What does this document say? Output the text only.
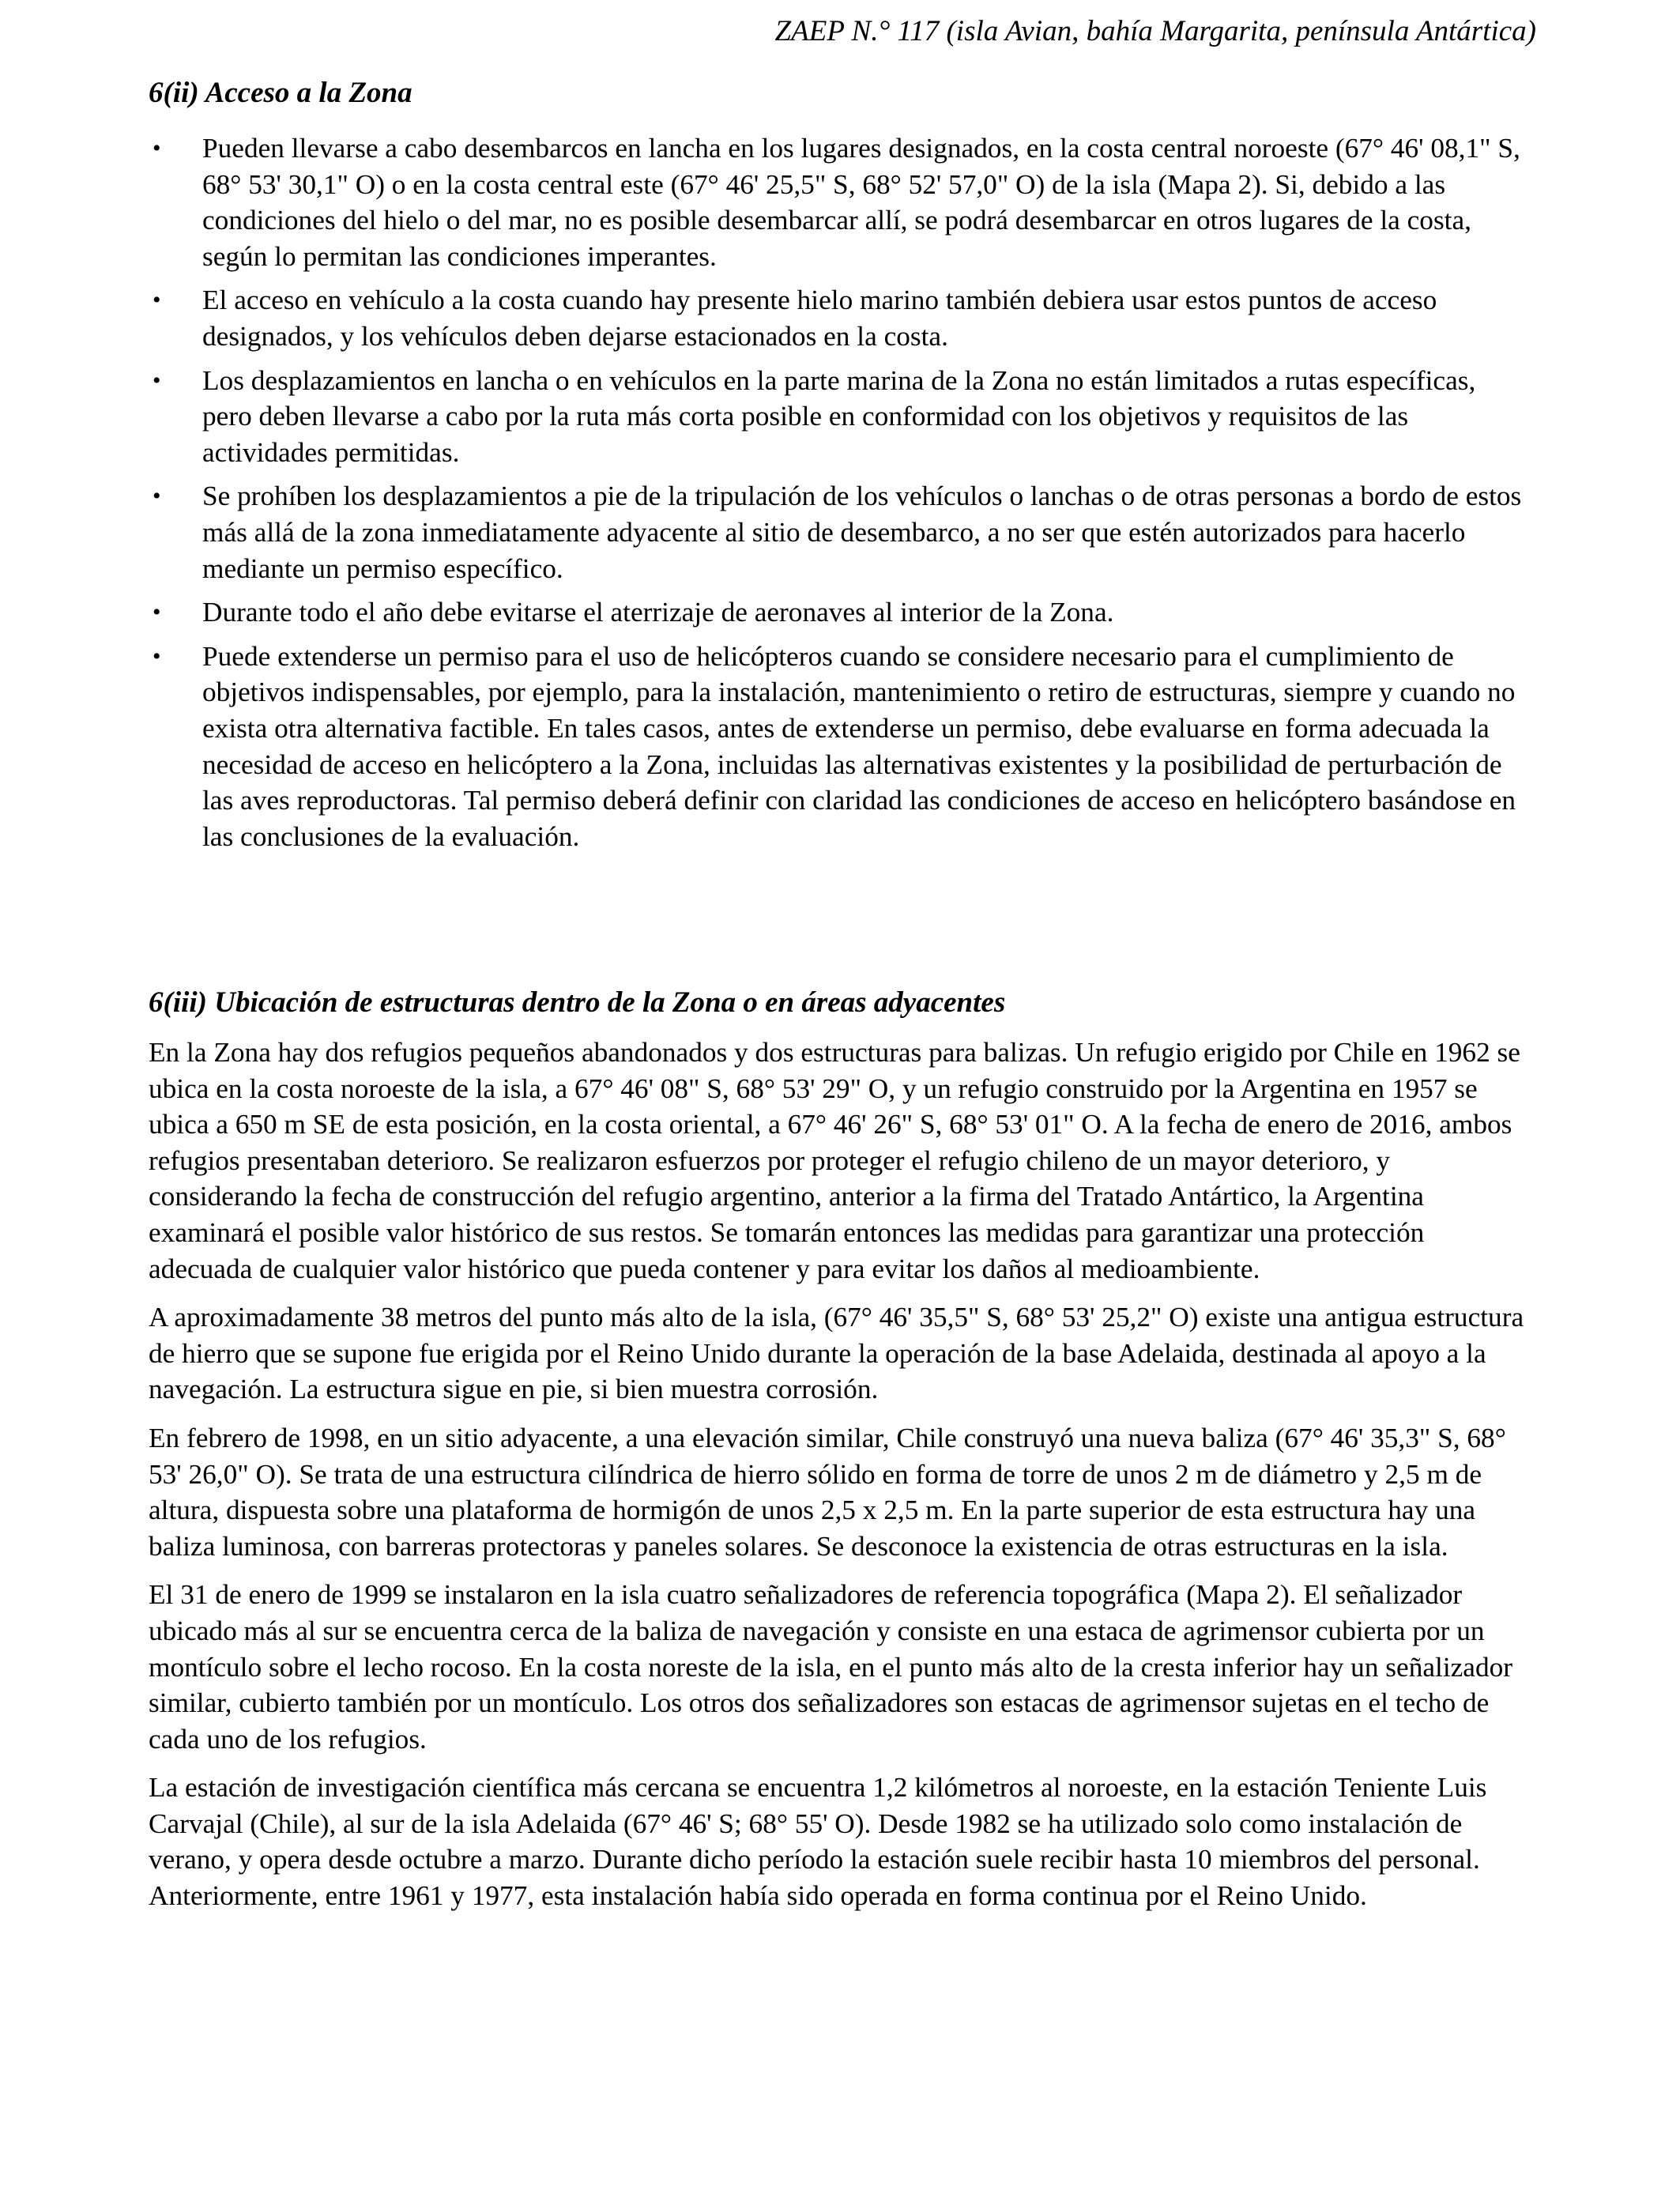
ZAEP N.° 117 (isla Avian, bahía Margarita, península Antártica)
6(ii) Acceso a la Zona
• Pueden llevarse a cabo desembarcos en lancha en los lugares designados, en la costa central noroeste (67° 46' 08,1" S, 68° 53' 30,1" O) o en la costa central este (67° 46' 25,5" S, 68° 52' 57,0" O) de la isla (Mapa 2). Si, debido a las condiciones del hielo o del mar, no es posible desembarcar allí, se podrá desembarcar en otros lugares de la costa, según lo permitan las condiciones imperantes.
• El acceso en vehículo a la costa cuando hay presente hielo marino también debiera usar estos puntos de acceso designados, y los vehículos deben dejarse estacionados en la costa.
• Los desplazamientos en lancha o en vehículos en la parte marina de la Zona no están limitados a rutas específicas, pero deben llevarse a cabo por la ruta más corta posible en conformidad con los objetivos y requisitos de las actividades permitidas.
• Se prohíben los desplazamientos a pie de la tripulación de los vehículos o lanchas o de otras personas a bordo de estos más allá de la zona inmediatamente adyacente al sitio de desembarco, a no ser que estén autorizados para hacerlo mediante un permiso específico.
• Durante todo el año debe evitarse el aterrizaje de aeronaves al interior de la Zona.
• Puede extenderse un permiso para el uso de helicópteros cuando se considere necesario para el cumplimiento de objetivos indispensables, por ejemplo, para la instalación, mantenimiento o retiro de estructuras, siempre y cuando no exista otra alternativa factible. En tales casos, antes de extenderse un permiso, debe evaluarse en forma adecuada la necesidad de acceso en helicóptero a la Zona, incluidas las alternativas existentes y la posibilidad de perturbación de las aves reproductoras. Tal permiso deberá definir con claridad las condiciones de acceso en helicóptero basándose en las conclusiones de la evaluación.
6(iii) Ubicación de estructuras dentro de la Zona o en áreas adyacentes

En la Zona hay dos refugios pequeños abandonados y dos estructuras para balizas. Un refugio erigido por Chile en 1962 se ubica en la costa noroeste de la isla, a 67° 46' 08" S, 68° 53' 29" O, y un refugio construido por la Argentina en 1957 se ubica a 650 m SE de esta posición, en la costa oriental, a 67° 46' 26" S, 68° 53' 01" O. A la fecha de enero de 2016, ambos refugios presentaban deterioro. Se realizaron esfuerzos por proteger el refugio chileno de un mayor deterioro, y considerando la fecha de construcción del refugio argentino, anterior a la firma del Tratado Antártico, la Argentina examinará el posible valor histórico de sus restos. Se tomarán entonces las medidas para garantizar una protección adecuada de cualquier valor histórico que pueda contener y para evitar los daños al medioambiente.

A aproximadamente 38 metros del punto más alto de la isla, (67° 46' 35,5" S, 68° 53' 25,2" O) existe una antigua estructura de hierro que se supone fue erigida por el Reino Unido durante la operación de la base Adelaida, destinada al apoyo a la navegación. La estructura sigue en pie, si bien muestra corrosión.

En febrero de 1998, en un sitio adyacente, a una elevación similar, Chile construyó una nueva baliza (67° 46' 35,3" S, 68° 53' 26,0" O). Se trata de una estructura cilíndrica de hierro sólido en forma de torre de unos 2 m de diámetro y 2,5 m de altura, dispuesta sobre una plataforma de hormigón de unos 2,5 x 2,5 m. En la parte superior de esta estructura hay una baliza luminosa, con barreras protectoras y paneles solares. Se desconoce la existencia de otras estructuras en la isla.

El 31 de enero de 1999 se instalaron en la isla cuatro señalizadores de referencia topográfica (Mapa 2). El señalizador ubicado más al sur se encuentra cerca de la baliza de navegación y consiste en una estaca de agrimensor cubierta por un montículo sobre el lecho rocoso. En la costa noreste de la isla, en el punto más alto de la cresta inferior hay un señalizador similar, cubierto también por un montículo. Los otros dos señalizadores son estacas de agrimensor sujetas en el techo de cada uno de los refugios.

La estación de investigación científica más cercana se encuentra 1,2 kilómetros al noroeste, en la estación Teniente Luis Carvajal (Chile), al sur de la isla Adelaida (67° 46' S; 68° 55' O). Desde 1982 se ha utilizado solo como instalación de verano, y opera desde octubre a marzo. Durante dicho período la estación suele recibir hasta 10 miembros del personal. Anteriormente, entre 1961 y 1977, esta instalación había sido operada en forma continua por el Reino Unido.
